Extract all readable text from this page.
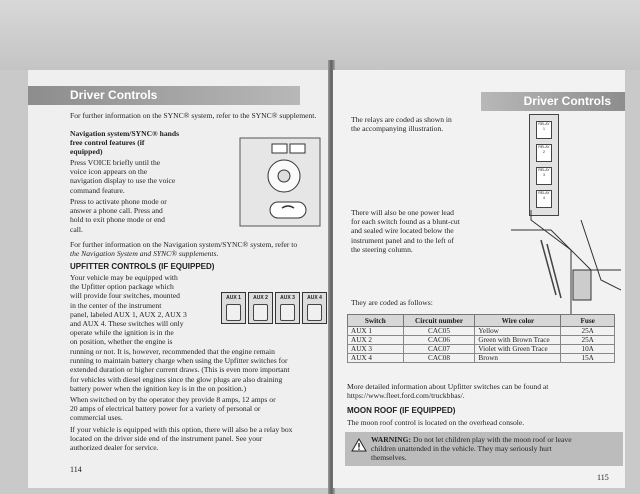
Driver Controls
For further information on the SYNC® system, refer to the SYNC® supplement.
Navigation system/SYNC® hands
free control features (if
equipped)
Press VOICE briefly until the
voice icon appears on the
navigation display to use the voice
command feature.
Press to activate phone mode or
answer a phone call. Press and
hold to exit phone mode or end
call.
For further information on the Navigation system/SYNC® system, refer to
the Navigation System and SYNC® supplements.
UPFITTER CONTROLS (IF EQUIPPED)
Your vehicle may be equipped with
the Upfitter option package which
will provide four switches, mounted
in the center of the instrument
panel, labeled AUX 1, AUX 2, AUX 3
and AUX 4. These switches will only
operate while the ignition is in the
on position, whether the engine is
AUX 1	AUX 2	AUX 3	AUX 4
running or not. It is, however, recommended that the engine remain
running to maintain battery charge when using the Upfitter switches for
extended duration or higher current draws. (This is even more important
for vehicles with diesel engines since the glow plugs are also draining
battery power when the ignition key is in the on position.)
When switched on by the operator they provide 8 amps, 12 amps or
20 amps of electrical battery power for a variety of personal or
commercial uses.
If your vehicle is equipped with this option, there will also be a relay box
located on the driver side end of the instrument panel. See your
authorized dealer for service.
114
Driver Controls
The relays are coded as shown in
the accompanying illustration.
RELAY 1
RELAY 2
RELAY 3
RELAY 4
There will also be one power lead
for each switch found as a blunt-cut
and sealed wire located below the
instrument panel and to the left of
the steering column.
They are coded as follows:
Switch	Circuit number	Wire color	Fuse
AUX 1	CAC05	Yellow	25A
AUX 2	CAC06	Green with Brown Trace	25A
AUX 3	CAC07	Violet with Green Trace	10A
AUX 4	CAC08	Brown	15A
More detailed information about Upfitter switches can be found at
https://www.fleet.ford.com/truckbbas/.
MOON ROOF (IF EQUIPPED)
The moon roof control is located on the overhead console.
WARNING: Do not let children play with the moon roof or leave
children unattended in the vehicle. They may seriously hurt
themselves.
115
